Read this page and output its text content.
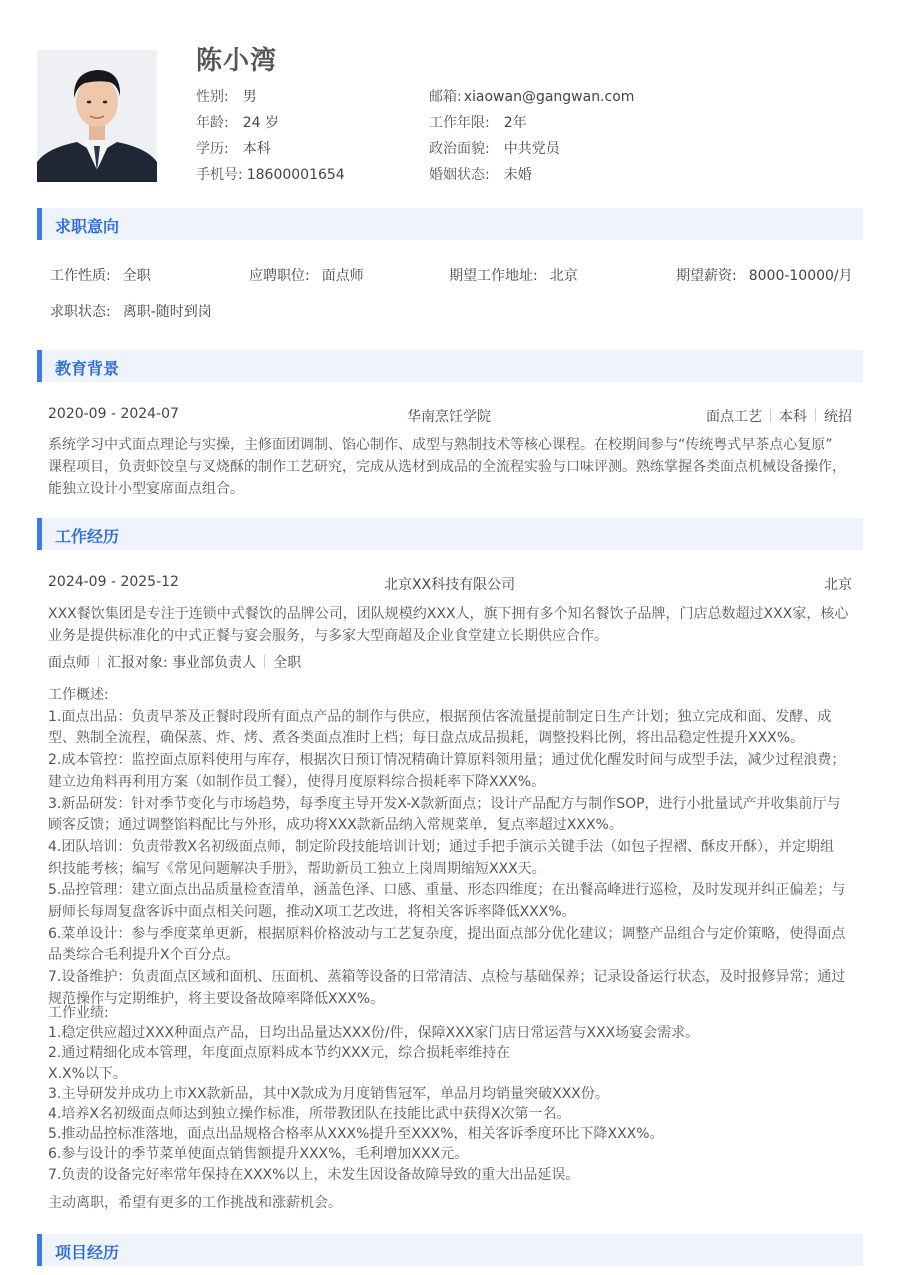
陈小湾
性别: 男
年龄: 24 岁
学历: 本科
手机号: 18600001654
邮箱: xiaowan@gangwan.com
工作年限: 2年
政治面貌: 中共党员
婚姻状态: 未婚
求职意向
工作性质: 全职	应聘职位: 面点师	期望工作地址: 北京	期望薪资: 8000-10000/月
求职状态: 离职-随时到岗
教育背景
2020-09 - 2024-07	华南烹饪学院	面点工艺 本科 统招
系统学习中式面点理论与实操，主修面团调制、馅心制作、成型与熟制技术等核心课程。在校期间参与“传统粤式早茶点心复原”
课程项目，负责虾饺皇与叉烧酥的制作工艺研究，完成从选材到成品的全流程实验与口味评测。熟练掌握各类面点机械设备操作，
能独立设计小型宴席面点组合。
工作经历
2024-09 - 2025-12	北京XX科技有限公司	北京
XXX餐饮集团是专注于连锁中式餐饮的品牌公司，团队规模约XXX人，旗下拥有多个知名餐饮子品牌，门店总数超过XXX家，核心
业务是提供标准化的中式正餐与宴会服务，与多家大型商超及企业食堂建立长期供应合作。
面点师 汇报对象: 事业部负责人 全职
工作概述:
1.面点出品：负责早茶及正餐时段所有面点产品的制作与供应，根据预估客流量提前制定日生产计划；独立完成和面、发酵、成
型、熟制全流程，确保蒸、炸、烤、煮各类面点准时上档；每日盘点成品损耗，调整投料比例，将出品稳定性提升XXX%。
2.成本管控：监控面点原料使用与库存，根据次日预订情况精确计算原料领用量；通过优化醒发时间与成型手法，减少过程浪费；
建立边角料再利用方案（如制作员工餐），使得月度原料综合损耗率下降XXX%。
3.新品研发：针对季节变化与市场趋势，每季度主导开发X-X款新面点；设计产品配方与制作SOP，进行小批量试产并收集前厅与
顾客反馈；通过调整馅料配比与外形，成功将XXX款新品纳入常规菜单，复点率超过XXX%。
4.团队培训：负责带教X名初级面点师，制定阶段技能培训计划；通过手把手演示关键手法（如包子捏褶、酥皮开酥），并定期组
织技能考核；编写《常见问题解决手册》，帮助新员工独立上岗周期缩短XXX天。
5.品控管理：建立面点出品质量检查清单，涵盖色泽、口感、重量、形态四维度；在出餐高峰进行巡检，及时发现并纠正偏差；与
厨师长每周复盘客诉中面点相关问题，推动X项工艺改进，将相关客诉率降低XXX%。
6.菜单设计：参与季度菜单更新，根据原料价格波动与工艺复杂度，提出面点部分优化建议；调整产品组合与定价策略，使得面点
品类综合毛利提升X个百分点。
7.设备维护：负责面点区域和面机、压面机、蒸箱等设备的日常清洁、点检与基础保养；记录设备运行状态，及时报修异常；通过
规范操作与定期维护，将主要设备故障率降低XXX%。
工作业绩:
1.稳定供应超过XXX种面点产品，日均出品量达XXX份/件，保障XXX家门店日常运营与XXX场宴会需求。
2.通过精细化成本管理，年度面点原料成本节约XXX元，综合损耗率维持在
X.X%以下。
3.主导研发并成功上市XX款新品，其中X款成为月度销售冠军，单品月均销量突破XXX份。
4.培养X名初级面点师达到独立操作标准，所带教团队在技能比武中获得X次第一名。
5.推动品控标准落地，面点出品规格合格率从XXX%提升至XXX%，相关客诉季度环比下降XXX%。
6.参与设计的季节菜单使面点销售额提升XXX%，毛利增加XXX元。
7.负责的设备完好率常年保持在XXX%以上，未发生因设备故障导致的重大出品延误。
主动离职，希望有更多的工作挑战和涨薪机会。
项目经历
